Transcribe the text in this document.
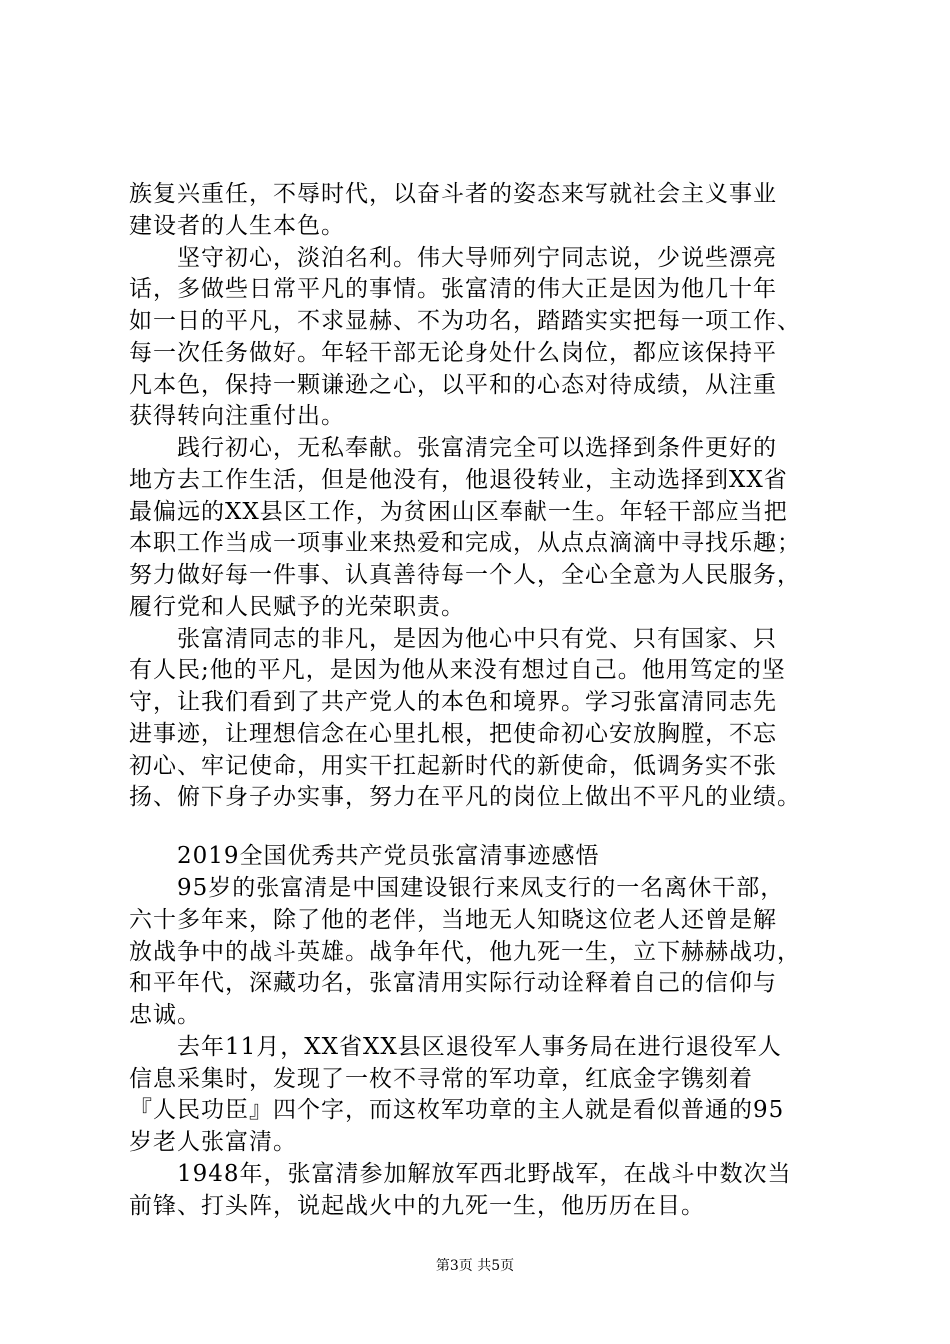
族复兴重任，不辱时代，以奋斗者的姿态来写就社会主义事业
建设者的人生本色。
　　坚守初心，淡泊名利。伟大导师列宁同志说，少说些漂亮
话，多做些日常平凡的事情。张富清的伟大正是因为他几十年
如一日的平凡，不求显赫、不为功名，踏踏实实把每一项工作、
每一次任务做好。年轻干部无论身处什么岗位，都应该保持平
凡本色，保持一颗谦逊之心，以平和的心态对待成绩，从注重
获得转向注重付出。
　　践行初心，无私奉献。张富清完全可以选择到条件更好的
地方去工作生活，但是他没有，他退役转业，主动选择到XX省
最偏远的XX县区工作，为贫困山区奉献一生。年轻干部应当把
本职工作当成一项事业来热爱和完成，从点点滴滴中寻找乐趣；
努力做好每一件事、认真善待每一个人，全心全意为人民服务，
履行党和人民赋予的光荣职责。
　　张富清同志的非凡，是因为他心中只有党、只有国家、只
有人民;他的平凡，是因为他从来没有想过自己。他用笃定的坚
守，让我们看到了共产党人的本色和境界。学习张富清同志先
进事迹，让理想信念在心里扎根，把使命初心安放胸膛，不忘
初心、牢记使命，用实干扛起新时代的新使命，低调务实不张
扬、俯下身子办实事，努力在平凡的岗位上做出不平凡的业绩。
　　2019全国优秀共产党员张富清事迹感悟
　　95岁的张富清是中国建设银行来凤支行的一名离休干部，
六十多年来，除了他的老伴，当地无人知晓这位老人还曾是解
放战争中的战斗英雄。战争年代，他九死一生，立下赫赫战功，
和平年代，深藏功名，张富清用实际行动诠释着自己的信仰与
忠诚。
　　去年11月，XX省XX县区退役军人事务局在进行退役军人
信息采集时，发现了一枚不寻常的军功章，红底金字镌刻着
『人民功臣』四个字，而这枚军功章的主人就是看似普通的95
岁老人张富清。
　　1948年，张富清参加解放军西北野战军，在战斗中数次当
前锋、打头阵，说起战火中的九死一生，他历历在目。
第3页 共5页
